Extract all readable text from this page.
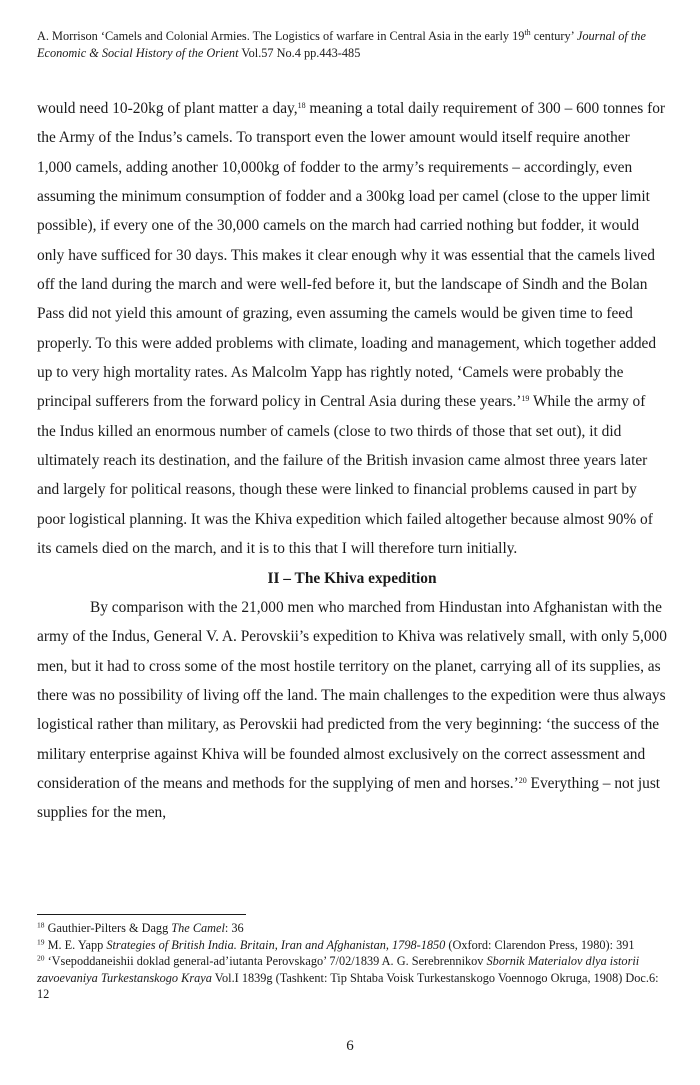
A. Morrison ‘Camels and Colonial Armies. The Logistics of warfare in Central Asia in the early 19th century’ Journal of the Economic & Social History of the Orient Vol.57 No.4 pp.443-485

would need 10-20kg of plant matter a day,$^{18}$ meaning a total daily requirement of 300 – 600 tonnes for the Army of the Indus’s camels. To transport even the lower amount would itself require another 1,000 camels, adding another 10,000kg of fodder to the army’s requirements – accordingly, even assuming the minimum consumption of fodder and a 300kg load per camel (close to the upper limit possible), if every one of the 30,000 camels on the march had carried nothing but fodder, it would only have sufficed for 30 days. This makes it clear enough why it was essential that the camels lived off the land during the march and were well-fed before it, but the landscape of Sindh and the Bolan Pass did not yield this amount of grazing, even assuming the camels would be given time to feed properly. To this were added problems with climate, loading and management, which together added up to very high mortality rates. As Malcolm Yapp has rightly noted, ‘Camels were probably the principal sufferers from the forward policy in Central Asia during these years.’$^{19}$ While the army of the Indus killed an enormous number of camels (close to two thirds of those that set out), it did ultimately reach its destination, and the failure of the British invasion came almost three years later and largely for political reasons, though these were linked to financial problems caused in part by poor logistical planning. It was the Khiva expedition which failed altogether because almost 90% of its camels died on the march, and it is to this that I will therefore turn initially.

II – The Khiva expedition

By comparison with the 21,000 men who marched from Hindustan into Afghanistan with the army of the Indus, General V. A. Perovskii’s expedition to Khiva was relatively small, with only 5,000 men, but it had to cross some of the most hostile territory on the planet, carrying all of its supplies, as there was no possibility of living off the land. The main challenges to the expedition were thus always logistical rather than military, as Perovskii had predicted from the very beginning: ‘the success of the military enterprise against Khiva will be founded almost exclusively on the correct assessment and consideration of the means and methods for the supplying of men and horses.’$^{20}$ Everything – not just supplies for the men,

$^{18}$ Gauthier-Pilters & Dagg The Camel: 36

$^{19}$ M. E. Yapp Strategies of British India. Britain, Iran and Afghanistan, 1798-1850 (Oxford: Clarendon Press, 1980): 391

$^{20}$ ‘Vsepoddaneishii doklad general-ad’iutanta Perovskago’ 7/02/1839 A. G. Serebrennikov Sbornik Materialov dlya istorii zavoevaniya Turkestanskogo Kraya Vol.I 1839g (Tashkent: Tip Shtaba Voisk Turkestanskogo Voennogo Okruga, 1908) Doc.6: 12

6
